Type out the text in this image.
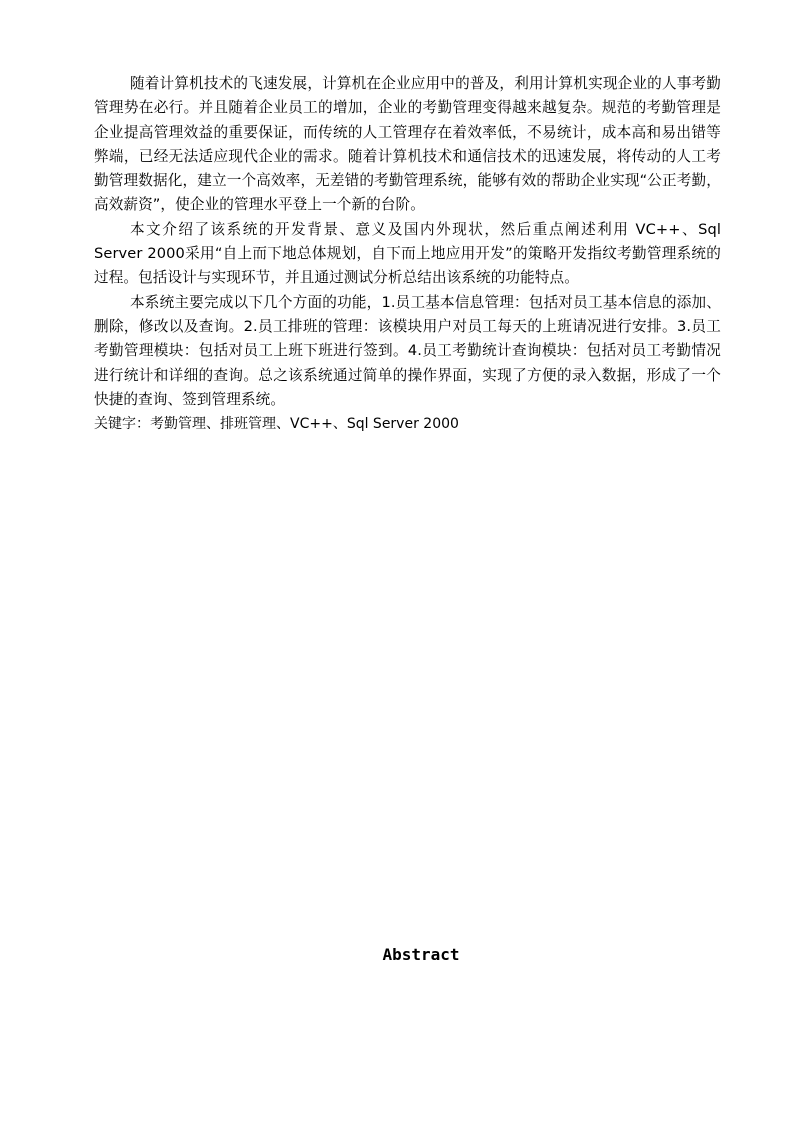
随着计算机技术的飞速发展，计算机在企业应用中的普及，利用计算机实现企业的人事考勤管理势在必行。并且随着企业员工的增加，企业的考勤管理变得越来越复杂。规范的考勤管理是企业提高管理效益的重要保证，而传统的人工管理存在着效率低，不易统计，成本高和易出错等弊端，已经无法适应现代企业的需求。随着计算机技术和通信技术的迅速发展，将传动的人工考勤管理数据化，建立一个高效率，无差错的考勤管理系统，能够有效的帮助企业实现“公正考勤，高效薪资”，使企业的管理水平登上一个新的台阶。

本文介绍了该系统的开发背景、意义及国内外现状，然后重点阐述利用 VC++、Sql Server 2000采用“自上而下地总体规划，自下而上地应用开发”的策略开发指纹考勤管理系统的过程。包括设计与实现环节，并且通过测试分析总结出该系统的功能特点。

本系统主要完成以下几个方面的功能，1.员工基本信息管理：包括对员工基本信息的添加、删除，修改以及查询。2.员工排班的管理：该模块用户对员工每天的上班请况进行安排。3.员工考勤管理模块：包括对员工上班下班进行签到。4.员工考勤统计查询模块：包括对员工考勤情况进行统计和详细的查询。总之该系统通过简单的操作界面，实现了方便的录入数据，形成了一个快捷的查询、签到管理系统。

关键字：考勤管理、排班管理、VC++、Sql Server 2000

Abstract
